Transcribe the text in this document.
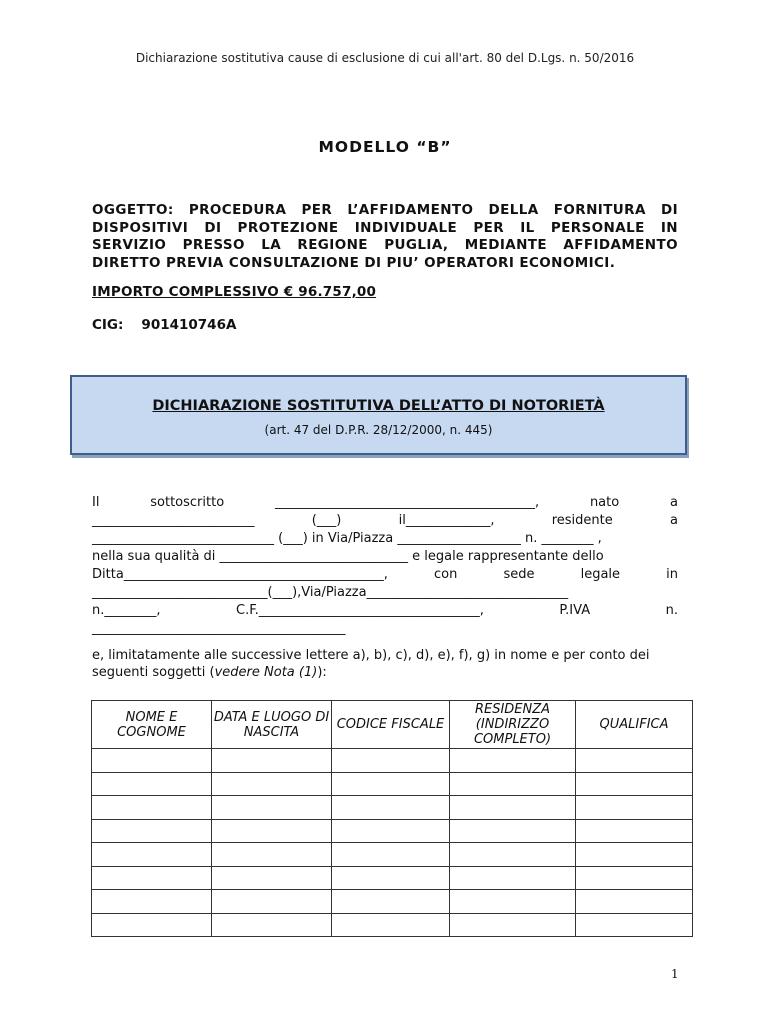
Dichiarazione sostitutiva cause di esclusione di cui all'art. 80 del D.Lgs. n. 50/2016
MODELLO “B”
OGGETTO: PROCEDURA PER L’AFFIDAMENTO DELLA FORNITURA DI DISPOSITIVI DI PROTEZIONE INDIVIDUALE PER IL PERSONALE IN SERVIZIO PRESSO LA REGIONE PUGLIA, MEDIANTE AFFIDAMENTO DIRETTO PREVIA CONSULTAZIONE DI PIU’ OPERATORI ECONOMICI.
IMPORTO COMPLESSIVO € 96.757,00
CIG: 901410746A
DICHIARAZIONE SOSTITUTIVA DELL’ATTO DI NOTORIETÀ
(art. 47 del D.P.R. 28/12/2000, n. 445)
Il	sottoscritto	________________________________________,	nato	a
_________________________	(___)	il_____________,	residente	a
____________________________ (___) in Via/Piazza ___________________ n. ________ ,
nella sua qualità di _____________________________ e legale rappresentante dello
Ditta________________________________________,	con	sede	legale	in
___________________________(___),Via/Piazza_______________________________
n.________,	C.F.__________________________________,	P.IVA	n.
_______________________________________
e, limitatamente alle successive lettere a), b), c), d), e), f), g) in nome e per conto dei seguenti soggetti (vedere Nota (1)):
NOME E COGNOME	DATA E LUOGO DI NASCITA	CODICE FISCALE	RESIDENZA (INDIRIZZO COMPLETO)	QUALIFICA

1
